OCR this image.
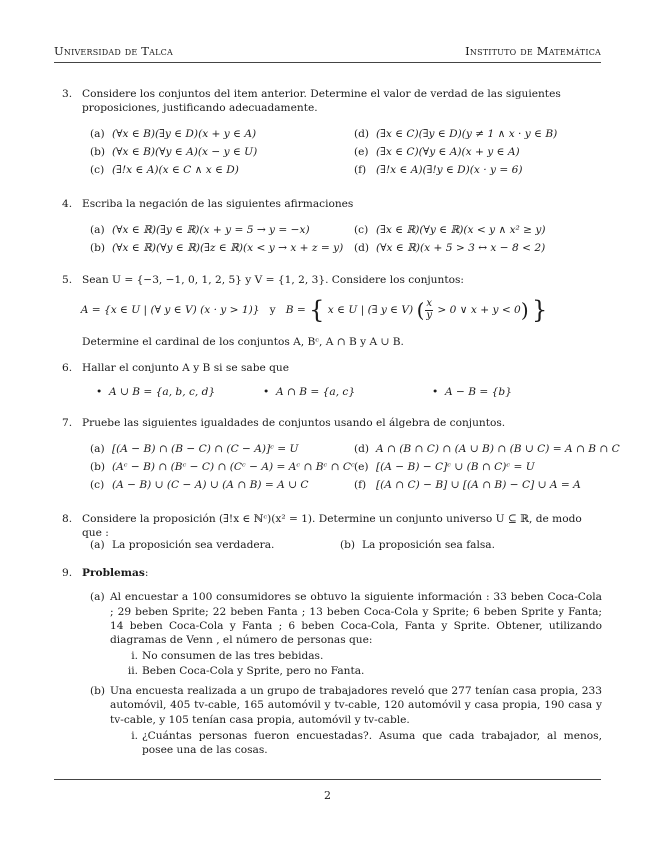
Universidad de Talca	Instituto de Matemática
3. Considere los conjuntos del item anterior. Determine el valor de verdad de las siguientes proposiciones, justificando adecuadamente.
(a) (∀x ∈ B)(∃y ∈ D)(x + y ∈ A)	(d) (∃x ∈ C)(∃y ∈ D)(y ≠ 1 ∧ x · y ∈ B)
(b) (∀x ∈ B)(∀y ∈ A)(x − y ∈ U)	(e) (∃x ∈ C)(∀y ∈ A)(x + y ∈ A)
(c) (∃!x ∈ A)(x ∈ C ∧ x ∈ D)	(f) (∃!x ∈ A)(∃!y ∈ D)(x · y = 6)
4. Escriba la negación de las siguientes afirmaciones
(a) (∀x ∈ ℝ)(∃y ∈ ℝ)(x + y = 5 → y = −x)	(c) (∃x ∈ ℝ)(∀y ∈ ℝ)(x < y ∧ x² ≥ y)
(b) (∀x ∈ ℝ)(∀y ∈ ℝ)(∃z ∈ ℝ)(x < y → x + z = y) (d) (∀x ∈ ℝ)(x + 5 > 3 ↔ x − 8 < 2)
5. Sean U = {−3, −1, 0, 1, 2, 5} y V = {1, 2, 3}. Considere los conjuntos:
A = {x ∈ U | (∀ y ∈ V) (x · y > 1)} y B = { x ∈ U | (∃ y ∈ V) ( $\frac{x}{y} > 0$ ∨ x + y < 0) }
Determine el cardinal de los conjuntos A, Bᶜ, A ∩ B y A ∪ B.
6. Hallar el conjunto A y B si se sabe que
• A ∪ B = {a, b, c, d}	• A ∩ B = {a, c}	• A − B = {b}
7. Pruebe las siguientes igualdades de conjuntos usando el álgebra de conjuntos.
(a) [(A − B) ∩ (B − C) ∩ (C − A)]ᶜ = U	(d) A ∩ (B ∩ C) ∩ (A ∪ B) ∩ (B ∪ C) = A ∩ B ∩ C
(b) (Aᶜ − B) ∩ (Bᶜ − C) ∩ (Cᶜ − A) = Aᶜ ∩ Bᶜ ∩ Cᶜ (e) [(A − B) − C]ᶜ ∪ (B ∩ C)ᶜ = U
(c) (A − B) ∪ (C − A) ∪ (A ∩ B) = A ∪ C	(f) [(A ∩ C) − B] ∪ [(A ∩ B) − C] ∪ A = A
8. Considere la proposición (∃!x ∈ ℕᶜ)(x² = 1). Determine un conjunto universo U ⊆ ℝ, de modo que :
(a) La proposición sea verdadera.	(b) La proposición sea falsa.
9. Problemas:
(a) Al encuestar a 100 consumidores se obtuvo la siguiente información : 33 beben Coca-Cola ; 29 beben Sprite; 22 beben Fanta ; 13 beben Coca-Cola y Sprite; 6 beben Sprite y Fanta; 14 beben Coca-Cola y Fanta ; 6 beben Coca-Cola, Fanta y Sprite. Obtener, utilizando diagramas de Venn , el número de personas que:
i. No consumen de las tres bebidas.
ii. Beben Coca-Cola y Sprite, pero no Fanta.
(b) Una encuesta realizada a un grupo de trabajadores reveló que 277 tenían casa propia, 233 automóvil, 405 tv-cable, 165 automóvil y tv-cable, 120 automóvil y casa propia, 190 casa y tv-cable, y 105 tenían casa propia, automóvil y tv-cable.
i. ¿Cuántas personas fueron encuestadas?. Asuma que cada trabajador, al menos, posee una de las cosas.
2
